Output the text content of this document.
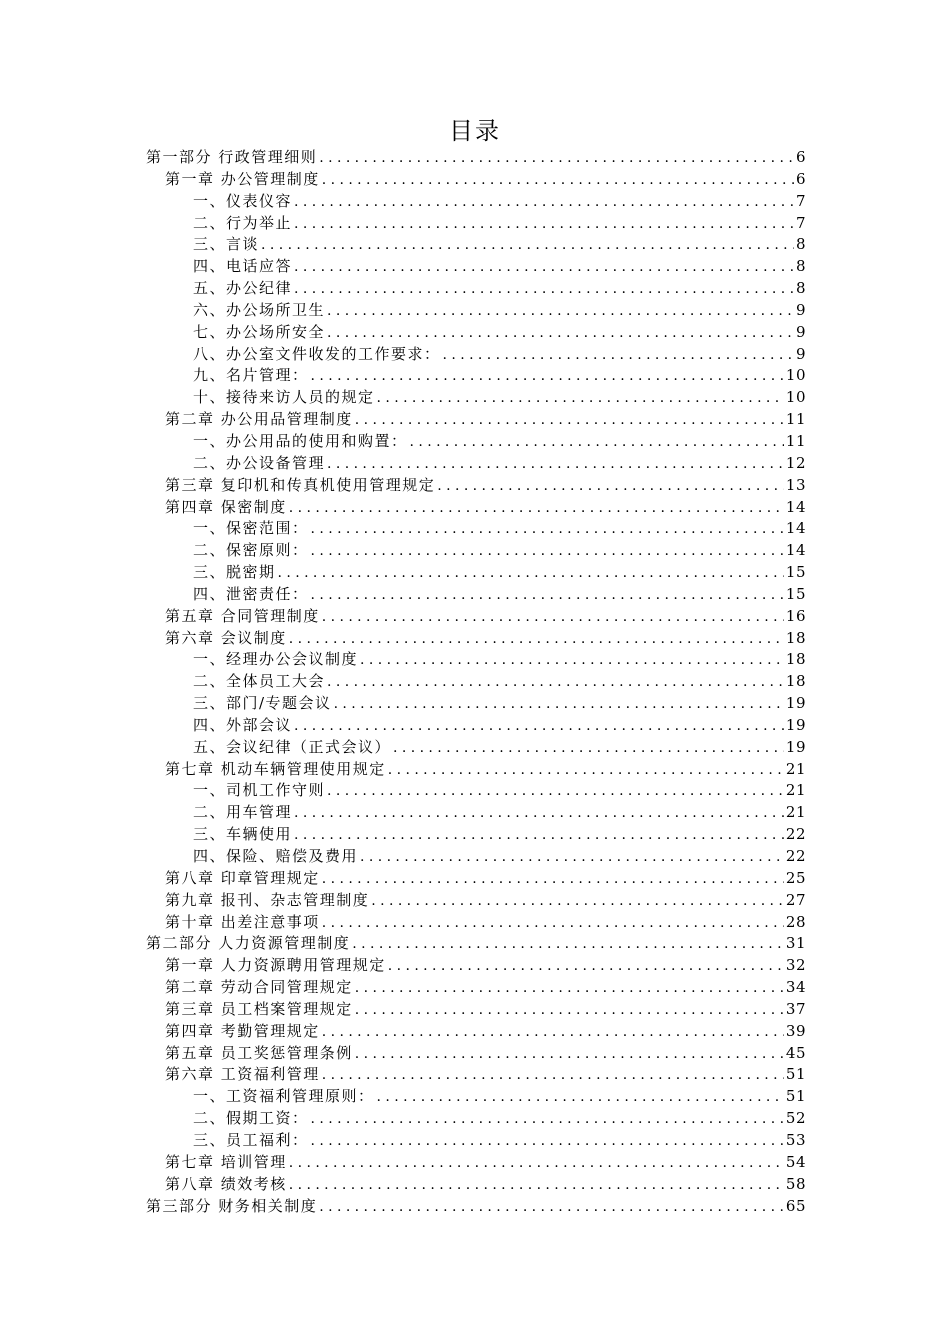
目录
第一部分 行政管理细则 .....	6
第一章 办公管理制度 .....	6
一、仪表仪容 .....	7
二、行为举止 .....	7
三、言谈 .....	8
四、电话应答 .....	8
五、办公纪律 .....	8
六、办公场所卫生 .....	9
七、办公场所安全 .....	9
八、办公室文件收发的工作要求： .....	9
九、名片管理： .....	10
十、接待来访人员的规定 .....	10
第二章 办公用品管理制度 .....	11
一、办公用品的使用和购置： .....	11
二、办公设备管理 .....	12
第三章 复印机和传真机使用管理规定 .....	13
第四章 保密制度 .....	14
一、保密范围： .....	14
二、保密原则： .....	14
三、脱密期 .....	15
四、泄密责任： .....	15
第五章 合同管理制度 .....	16
第六章 会议制度 .....	18
一、经理办公会议制度 .....	18
二、全体员工大会 .....	18
三、部门/专题会议 .....	19
四、外部会议 .....	19
五、会议纪律（正式会议） .....	19
第七章 机动车辆管理使用规定 .....	21
一、司机工作守则 .....	21
二、用车管理 .....	21
三、车辆使用 .....	22
四、保险、赔偿及费用 .....	22
第八章 印章管理规定 .....	25
第九章 报刊、杂志管理制度 .....	27
第十章 出差注意事项 .....	28
第二部分 人力资源管理制度 .....	31
第一章 人力资源聘用管理规定 .....	32
第二章 劳动合同管理规定 .....	34
第三章 员工档案管理规定 .....	37
第四章 考勤管理规定 .....	39
第五章 员工奖惩管理条例 .....	45
第六章 工资福利管理 .....	51
一、工资福利管理原则： .....	51
二、假期工资： .....	52
三、员工福利： .....	53
第七章 培训管理 .....	54
第八章 绩效考核 .....	58
第三部分 财务相关制度 .....	65
